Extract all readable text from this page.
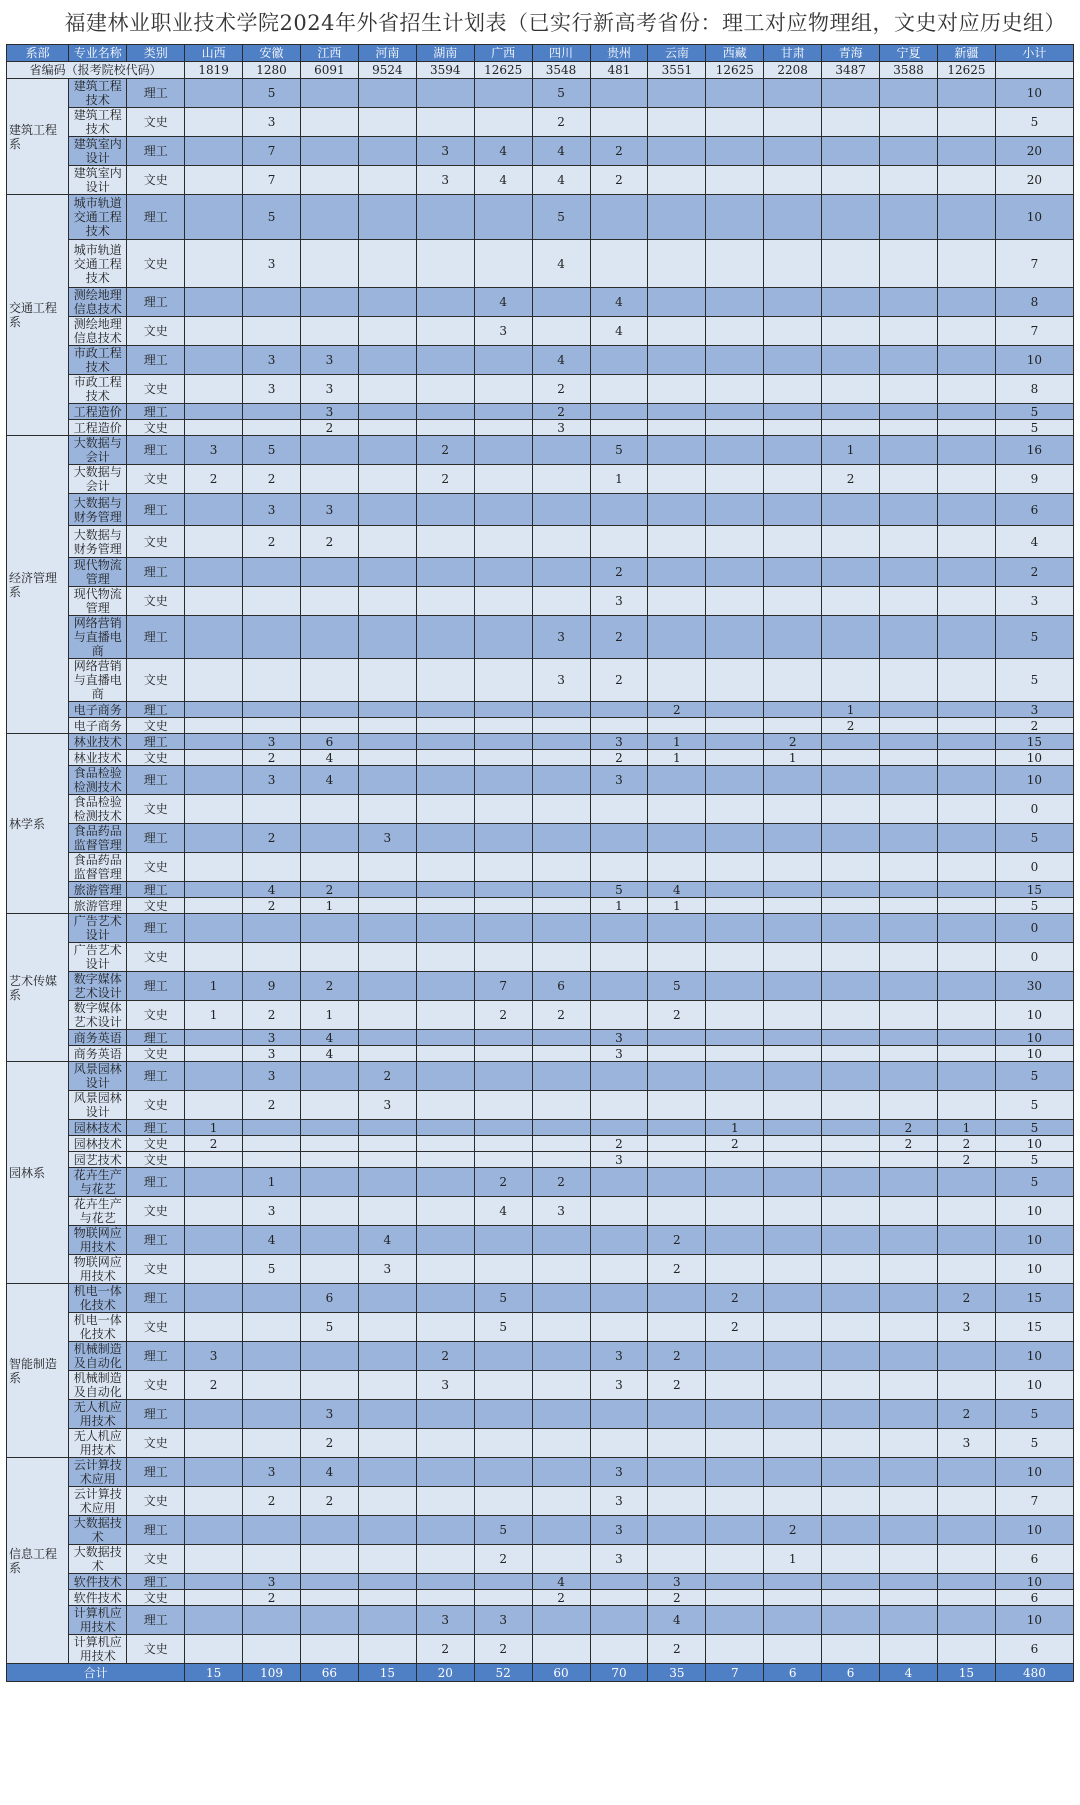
福建林业职业技术学院2024年外省招生计划表（已实行新高考省份：理工对应物理组，文史对应历史组）
系部	专业名称	类别	山西	安徽	江西	河南	湖南	广西	四川	贵州	云南	西藏	甘肃	青海	宁夏	新疆	小计
省编码（报考院校代码）			1819	1280	6091	9524	3594	12625	3548	481	3551	12625	2208	3487	3588	12625	
建筑工程系	建筑工程技术	理工		5					5								10
	建筑工程技术	文史		3					2								5
	建筑室内设计	理工		7			3	4	4	2							20
	建筑室内设计	文史		7			3	4	4	2							20
交通工程系	城市轨道交通工程技术	理工		5					5								10
	城市轨道交通工程技术	文史		3					4								7
	测绘地理信息技术	理工						4		4							8
	测绘地理信息技术	文史						3		4							7
	市政工程技术	理工		3	3				4								10
	市政工程技术	文史		3	3				2								8
	工程造价	理工			3				2								5
	工程造价	文史			2				3								5
经济管理系	大数据与会计	理工	3	5			2			5				1			16
	大数据与会计	文史	2	2			2			1				2			9
	大数据与财务管理	理工		3	3												6
	大数据与财务管理	文史		2	2												4
	现代物流管理	理工								2							2
	现代物流管理	文史								3							3
	网络营销与直播电商	理工							3	2							5
	网络营销与直播电商	文史							3	2							5
	电子商务	理工									2			1			3
	电子商务	文史												2			2
林学系	林业技术	理工		3	6					3	1		2				15
	林业技术	文史		2	4					2	1		1				10
	食品检验检测技术	理工		3	4					3							10
	食品检验检测技术	文史															0
	食品药品监督管理	理工		2		3											5
	食品药品监督管理	文史															0
	旅游管理	理工		4	2					5	4						15
	旅游管理	文史		2	1					1	1						5
艺术传媒系	广告艺术设计	理工															0
	广告艺术设计	文史															0
	数字媒体艺术设计	理工	1	9	2			7	6		5						30
	数字媒体艺术设计	文史	1	2	1			2	2		2						10
	商务英语	理工		3	4					3							10
	商务英语	文史		3	4					3							10
园林系	风景园林设计	理工		3		2											5
	风景园林设计	文史		2		3											5
	园林技术	理工	1									1			2	1	5
	园林技术	文史	2							2		2			2	2	10
	园艺技术	文史								3						2	5
	花卉生产与花艺	理工		1				2	2								5
	花卉生产与花艺	文史		3				4	3								10
	物联网应用技术	理工		4		4					2						10
	物联网应用技术	文史		5		3					2						10
智能制造系	机电一体化技术	理工			6			5				2				2	15
	机电一体化技术	文史			5			5				2				3	15
	机械制造及自动化	理工	3				2			3	2						10
	机械制造及自动化	文史	2				3			3	2						10
	无人机应用技术	理工			3											2	5
	无人机应用技术	文史			2											3	5
信息工程系	云计算技术应用	理工		3	4					3							10
	云计算技术应用	文史		2	2					3							7
	大数据技术	理工						5		3			2				10
	大数据技术	文史						2		3			1				6
	软件技术	理工		3					4		3						10
	软件技术	文史		2					2		2						6
	计算机应用技术	理工					3	3			4						10
	计算机应用技术	文史					2	2			2						6
合计			15	109	66	15	20	52	60	70	35	7	6	6	4	15	480
